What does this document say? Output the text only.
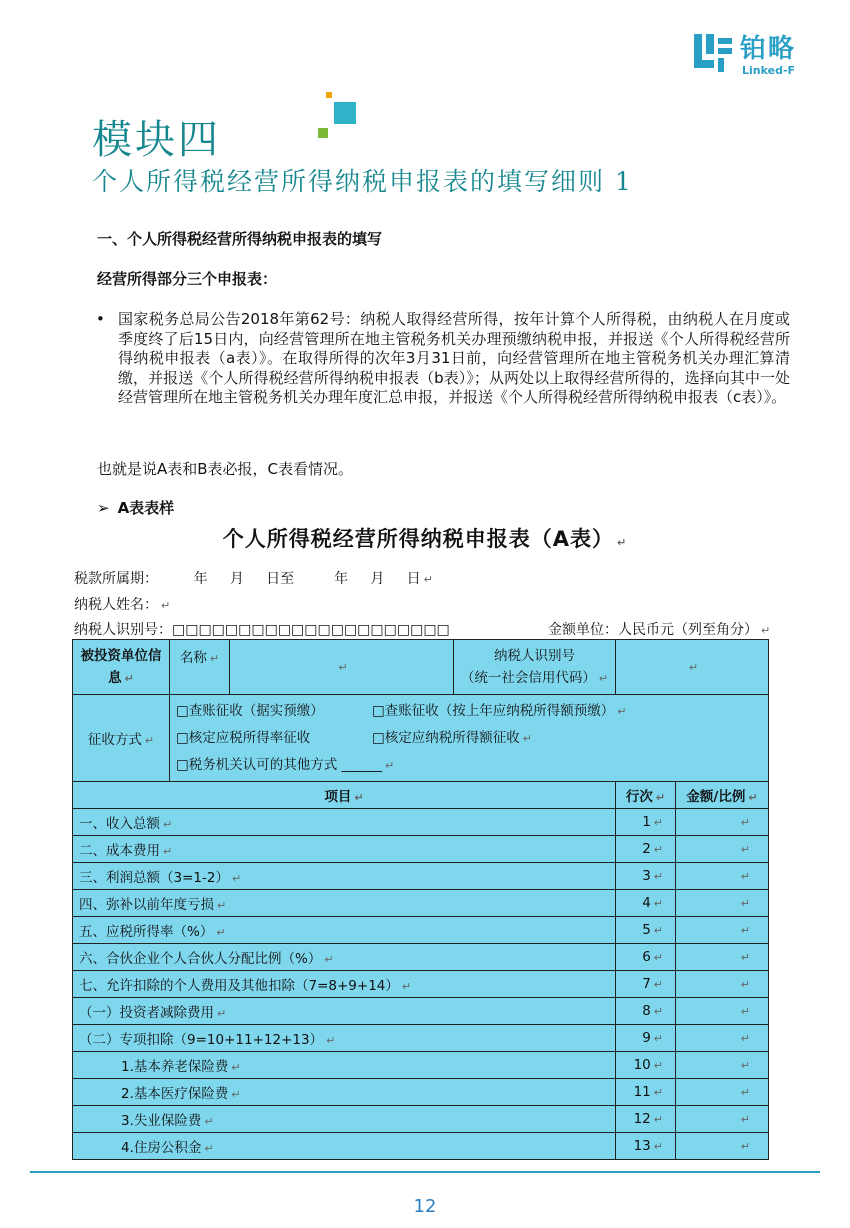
铂略
Linked-F
模块四
个人所得税经营所得纳税申报表的填写细则 1
一、个人所得税经营所得纳税申报表的填写
经营所得部分三个申报表：
• 国家税务总局公告2018年第62号：纳税人取得经营所得，按年计算个人所得税，由纳税人在月度或季度终了后15日内，向经营管理所在地主管税务机关办理预缴纳税申报，并报送《个人所得税经营所得纳税申报表（a表）》。在取得所得的次年3月31日前，向经营管理所在地主管税务机关办理汇算清缴，并报送《个人所得税经营所得纳税申报表（b表）》；从两处以上取得经营所得的，选择向其中一处经营管理所在地主管税务机关办理年度汇总申报，并报送《个人所得税经营所得纳税申报表（c表）》。
也就是说A表和B表必报，C表看情况。
➢ A表表样
个人所得税经营所得纳税申报表（A表） ↵
税款所属期：        年     月     日至         年     月     日 ↵
纳税人姓名： ↵
纳税人识别号：□□□□□□□□□□□□□□□□□□□□□	金额单位：人民币元（列至角分） ↵
被投资单位信息 ↵	名称 ↵	↵	纳税人识别号
（统一社会信用代码） ↵	↵	
征收方式 ↵	□查账征收（据实预缴） □查账征收（按上年应纳税所得额预缴） ↵
□核定应税所得率征收 □核定应纳税所得额征收 ↵
□税务机关认可的其他方式 ______ ↵				
项目 ↵				行次 ↵	金额/比例 ↵
一、收入总额 ↵				1 ↵	↵
二、成本费用 ↵				2 ↵	↵
三、利润总额（3=1-2） ↵				3 ↵	↵
四、弥补以前年度亏损 ↵				4 ↵	↵
五、应税所得率（%） ↵				5 ↵	↵
六、合伙企业个人合伙人分配比例（%） ↵				6 ↵	↵
七、允许扣除的个人费用及其他扣除（7=8+9+14） ↵				7 ↵	↵
（一）投资者减除费用 ↵				8 ↵	↵
（二）专项扣除（9=10+11+12+13） ↵				9 ↵	↵
1.基本养老保险费 ↵				10 ↵	↵
2.基本医疗保险费 ↵				11 ↵	↵
3.失业保险费 ↵				12 ↵	↵
4.住房公积金 ↵				13 ↵	↵
12
